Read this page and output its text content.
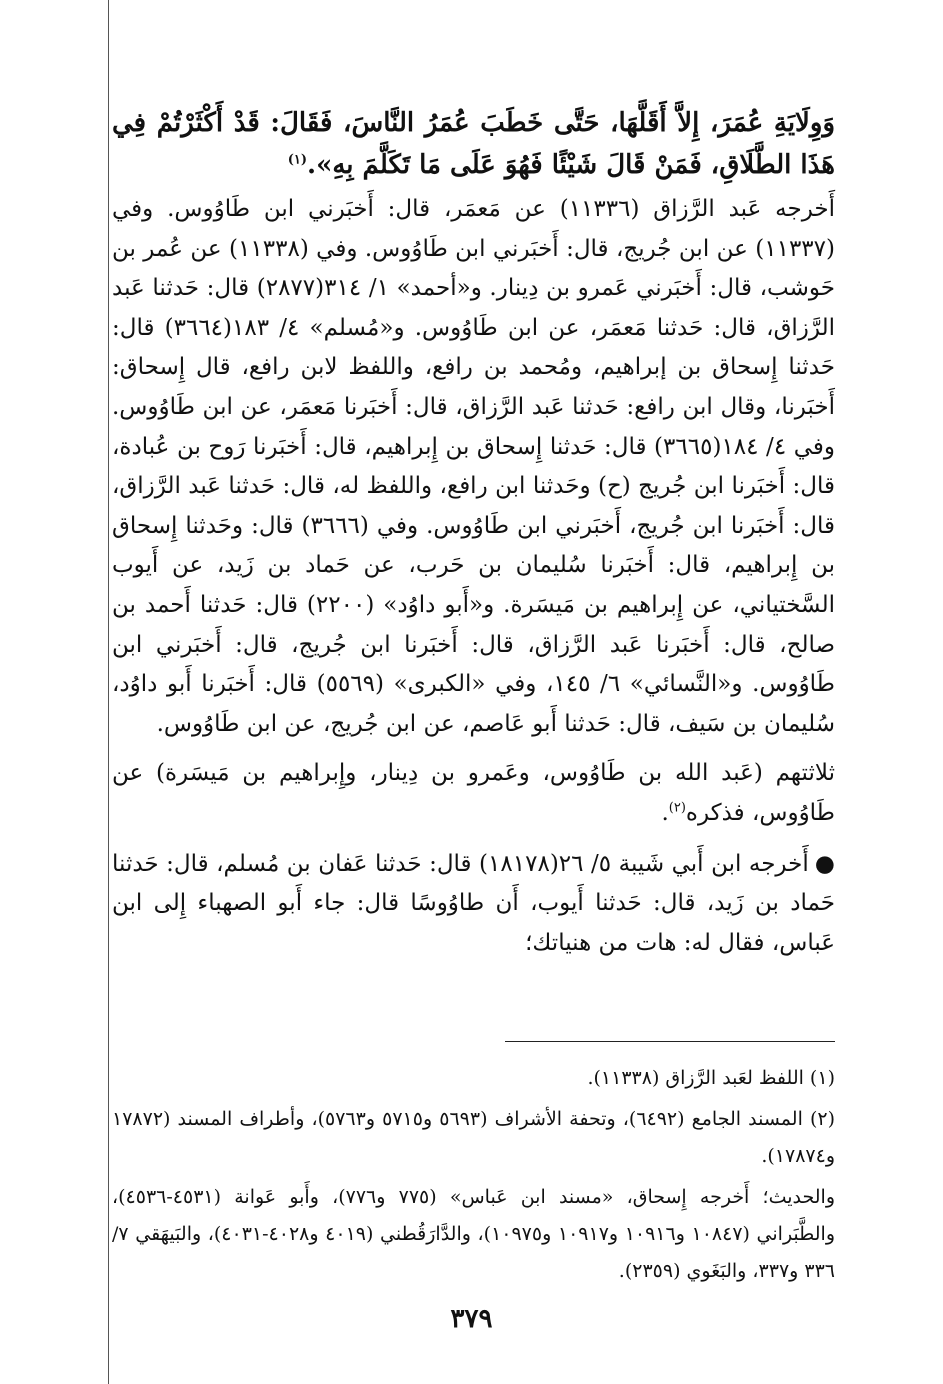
وَوِلَايَةِ عُمَرَ، إِلاَّ أَقَلَّهَا، حَتَّى خَطَبَ عُمَرُ النَّاسَ، فَقَالَ: قَدْ أَكْثَرْتُمْ فِي هَذَا الطَّلَاقِ، فَمَنْ قَالَ شَيْئًا فَهُوَ عَلَى مَا تَكَلَّمَ بِهِ».$^{(١)}$

أَخرجه عَبد الرَّزاق (١١٣٣٦) عن مَعمَر، قال: أَخبَرني ابن طَاوُوس. وفي (١١٣٣٧) عن ابن جُريج، قال: أَخبَرني ابن طَاوُوس. وفي (١١٣٣٨) عن عُمر بن حَوشب، قال: أَخبَرني عَمرو بن دِينار. و«أحمد» ١/ ٣١٤(٢٨٧٧) قال: حَدثنا عَبد الرَّزاق، قال: حَدثنا مَعمَر، عن ابن طَاوُوس. و«مُسلم» ٤/ ١٨٣(٣٦٦٤) قال: حَدثنا إِسحاق بن إبراهيم، ومُحمد بن رافع، واللفظ لابن رافع، قال إِسحاق: أَخبَرنا، وقال ابن رافع: حَدثنا عَبد الرَّزاق، قال: أَخبَرنا مَعمَر، عن ابن طَاوُوس. وفي ٤/ ١٨٤(٣٦٦٥) قال: حَدثنا إِسحاق بن إِبراهيم، قال: أَخبَرنا رَوح بن عُبادة، قال: أَخبَرنا ابن جُريج (ح) وحَدثنا ابن رافع، واللفظ له، قال: حَدثنا عَبد الرَّزاق، قال: أَخبَرنا ابن جُريج، أَخبَرني ابن طَاوُوس. وفي (٣٦٦٦) قال: وحَدثنا إِسحاق بن إِبراهيم، قال: أَخبَرنا سُليمان بن حَرب، عن حَماد بن زَيد، عن أَيوب السَّختياني، عن إِبراهيم بن مَيسَرة. و«أَبو داوُد» (٢٢٠٠) قال: حَدثنا أَحمد بن صالح، قال: أَخبَرنا عَبد الرَّزاق، قال: أَخبَرنا ابن جُريج، قال: أَخبَرني ابن طَاوُوس. و«النَّسائي» ٦/ ١٤٥، وفي «الكبرى» (٥٥٦٩) قال: أَخبَرنا أَبو داوُد، سُليمان بن سَيف، قال: حَدثنا أَبو عَاصم، عن ابن جُريج، عن ابن طَاوُوس.

ثلاثتهم (عَبد الله بن طَاوُوس، وعَمرو بن دِينار، وإِبراهيم بن مَيسَرة) عن طَاوُوس، فذكره$^{(٢)}$.

●أَخرجه ابن أَبي شَيبة ٥/ ٢٦(١٨١٧٨) قال: حَدثنا عَفان بن مُسلم، قال: حَدثنا حَماد بن زَيد، قال: حَدثنا أَيوب، أَن طاوُوسًا قال: جاء أَبو الصهباء إِلى ابن عَباس، فقال له: هات من هنياتك؛

(١) اللفظ لعَبد الرَّزاق (١١٣٣٨).

(٢) المسند الجامع (٦٤٩٢)، وتحفة الأشراف (٥٦٩٣ و٥٧١٥ و٥٧٦٣)، وأطراف المسند (١٧٨٧٢ و١٧٨٧٤).

والحديث؛ أَخرجه إِسحاق، «مسند ابن عَباس» (٧٧٥ و٧٧٦)، وأَبو عَوانة (٤٥٣١-٤٥٣٦)، والطَّبَراني (١٠٨٤٧ و١٠٩١٦ و١٠٩١٧ و١٠٩٧٥)، والدَّارَقُطني (٤٠١٩ و٤٠٢٨-٤٠٣١)، والبَيهَقي ٧/ ٣٣٦ و٣٣٧، والبَغَوي (٢٣٥٩).

٣٧٩
